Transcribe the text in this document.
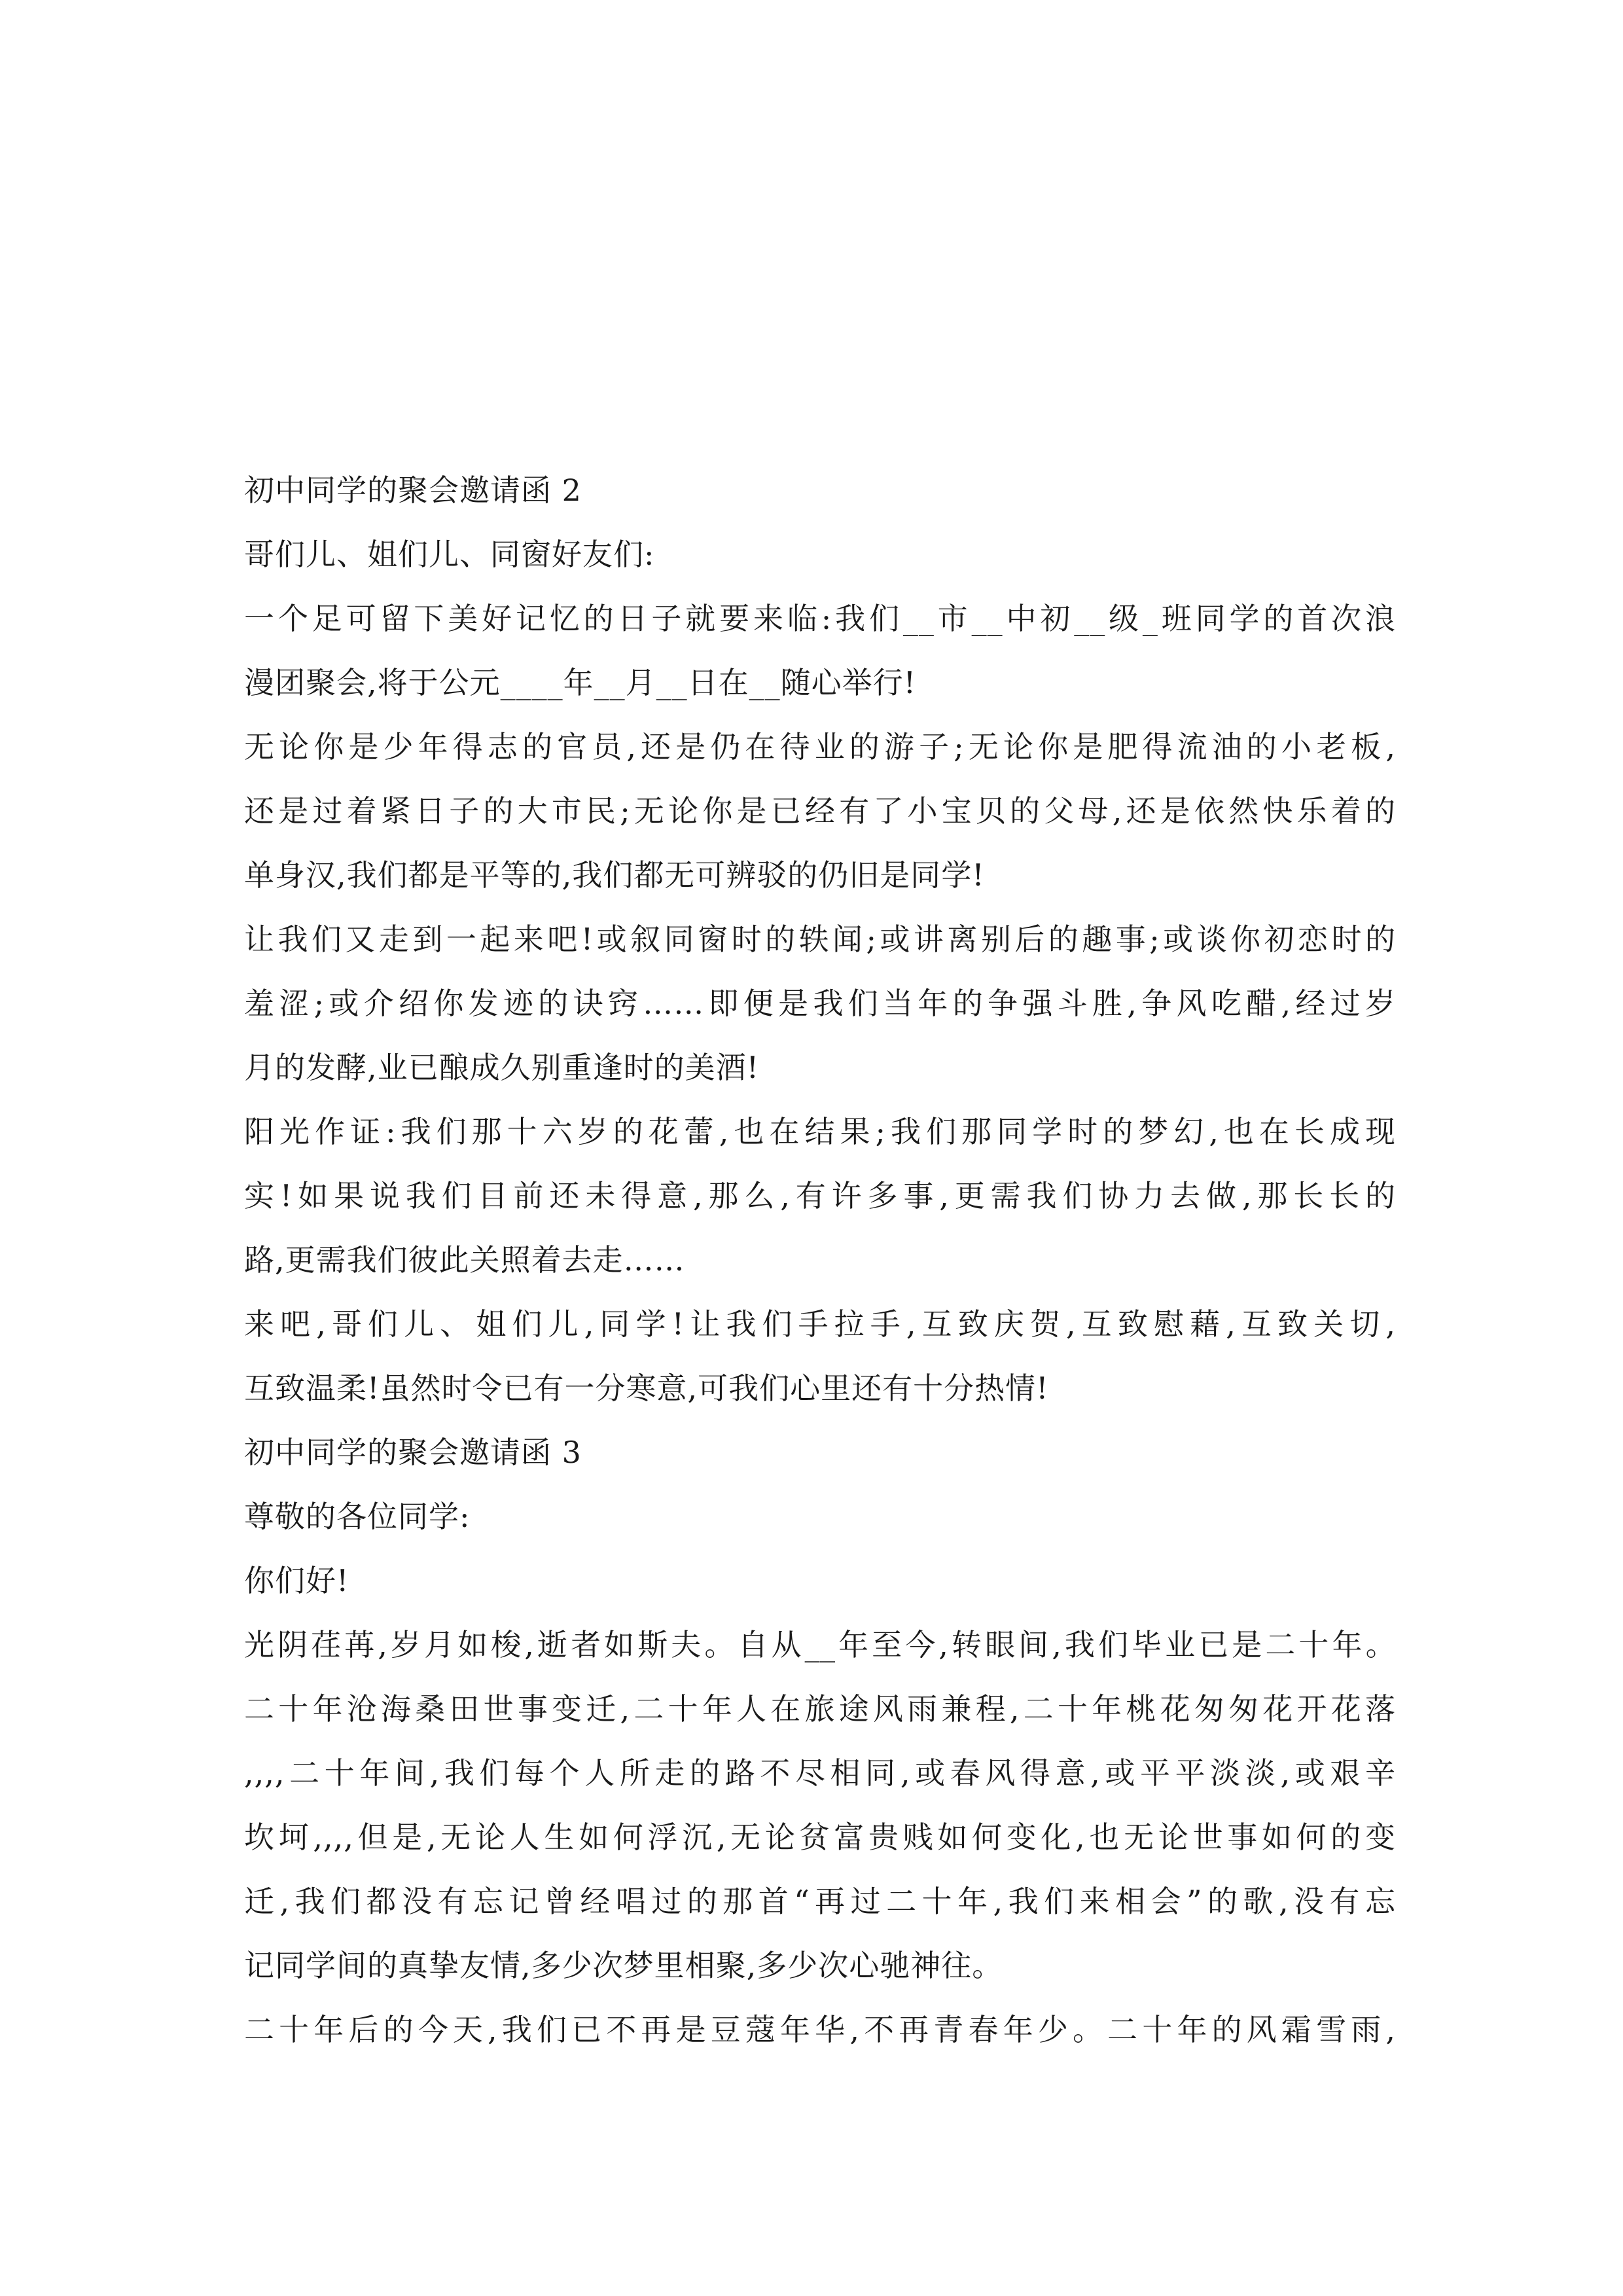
初中同学的聚会邀请函 2
哥们儿、姐们儿、同窗好友们:
一个足可留下美好记忆的日子就要来临:我们__市__中初__级_班同学的首次浪
漫团聚会,将于公元____年__月__日在__随心举行!
无论你是少年得志的官员,还是仍在待业的游子;无论你是肥得流油的小老板,
还是过着紧日子的大市民;无论你是已经有了小宝贝的父母,还是依然快乐着的
单身汉,我们都是平等的,我们都无可辨驳的仍旧是同学!
让我们又走到一起来吧!或叙同窗时的轶闻;或讲离别后的趣事;或谈你初恋时的
羞涩;或介绍你发迹的诀窍……即便是我们当年的争强斗胜,争风吃醋,经过岁
月的发酵,业已酿成久别重逢时的美酒!
阳光作证:我们那十六岁的花蕾,也在结果;我们那同学时的梦幻,也在长成现
实!如果说我们目前还未得意,那么,有许多事,更需我们协力去做,那长长的
路,更需我们彼此关照着去走……
来吧,哥们儿、姐们儿,同学!让我们手拉手,互致庆贺,互致慰藉,互致关切,
互致温柔!虽然时令已有一分寒意,可我们心里还有十分热情!
初中同学的聚会邀请函 3
尊敬的各位同学:
你们好!
光阴荏苒,岁月如梭,逝者如斯夫。自从__年至今,转眼间,我们毕业已是二十年。
二十年沧海桑田世事变迁,二十年人在旅途风雨兼程,二十年桃花匆匆花开花落
,,,,二十年间,我们每个人所走的路不尽相同,或春风得意,或平平淡淡,或艰辛
坎坷,,,,但是,无论人生如何浮沉,无论贫富贵贱如何变化,也无论世事如何的变
迁,我们都没有忘记曾经唱过的那首“再过二十年,我们来相会”的歌,没有忘
记同学间的真挚友情,多少次梦里相聚,多少次心驰神往。
二十年后的今天,我们已不再是豆蔻年华,不再青春年少。二十年的风霜雪雨,
